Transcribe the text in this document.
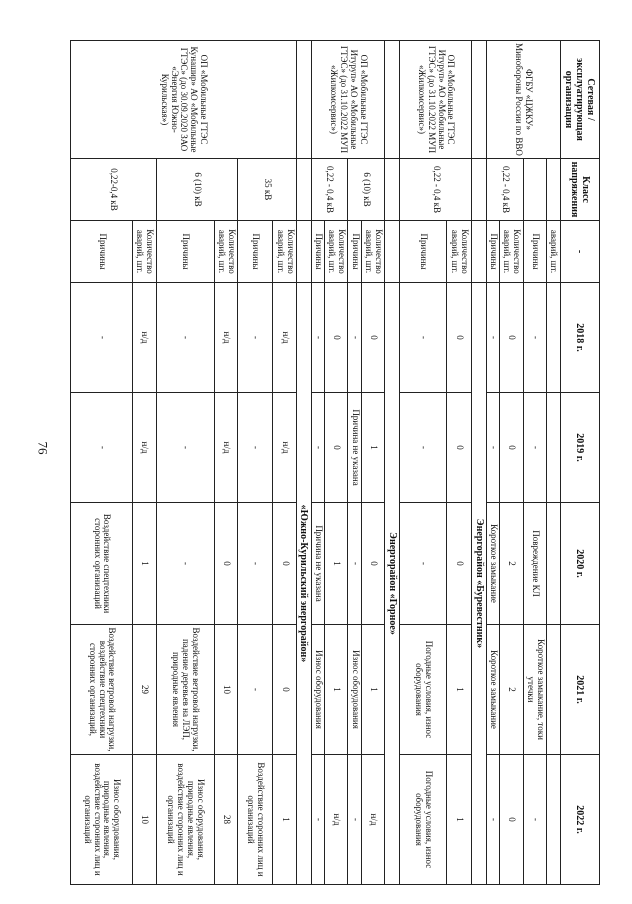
76
Сетевая / эксплуатирующая организация	Класс напряжения	-	2018 г.	2019 г.	2020 г.	2021 г.	2022 г.
ФГБУ «ЦЖКУ» Минобороны России по ВВО		аварий, шт.					
		Причины	-	-	Повреждение КЛ	Короткое замыкание, токи утечки	-
	0,22 - 0,4 кВ	Количество аварий, шт.	0	0	2	2	0
		Причины	-	-	Короткое замыкание	Короткое замыкание	-
			Энергорайон «Буревестник»				
ОП «Мобильные ГТЭС Итуруп» АО «Мобильные ГТЭС» (до 31.10.2022 МУП «Жилкомсервис»)	0,22 - 0,4 кВ	Количество аварий, шт.	0	0	0	1	1
		Причины	-	-	-	Погодные условия, износ оборудования	Погодные условия, износ оборудования
			Энергорайон «Горное»				
ОП «Мобильные ГТЭС Итуруп» АО «Мобильные ГТЭС» (до 31.10.2022 МУП «Жилкомсервис»)	6 (10) кВ	Количество аварий, шт.	0	1	0	1	н/д
		Причины	-	Причина не указана	-	Износ оборудования	-
	0,22 - 0,4 кВ	Количество аварий, шт.	0	0	1	1	н/д
		Причины	-	-	Причина не указана	Износ оборудования	-
			«Южно-Курильский энергорайон»				
ОП «Мобильные ГТЭС Кунашир» АО «Мобильные ГТЭС» (до 30.09.2020 ЗАО «Энергия Южно-Курильская»)	35 кВ	Количество аварий, шт.	н/д	н/д	0	0	1
		Причины	-	-	-	-	Воздействие сторонних лиц и организаций
	6 (10) кВ	Количество аварий, шт.	н/д	н/д	0	10	28
		Причины	-	-	-	Воздействие ветровой нагрузки, падение деревьев на ЛЭП, природные явления	Износ оборудования, природные явления, воздействие сторонних лиц и организаций
	0,22-0,4 кВ	Количество аварий, шт.	н/д	н/д	1	29	10
		Причины	-	-	Воздействие спецтехники сторонних организаций	Воздействие ветровой нагрузки, воздействие спецтехники сторонних организаций,	Износ оборудования, природные явления, воздействие сторонних лиц и организаций
